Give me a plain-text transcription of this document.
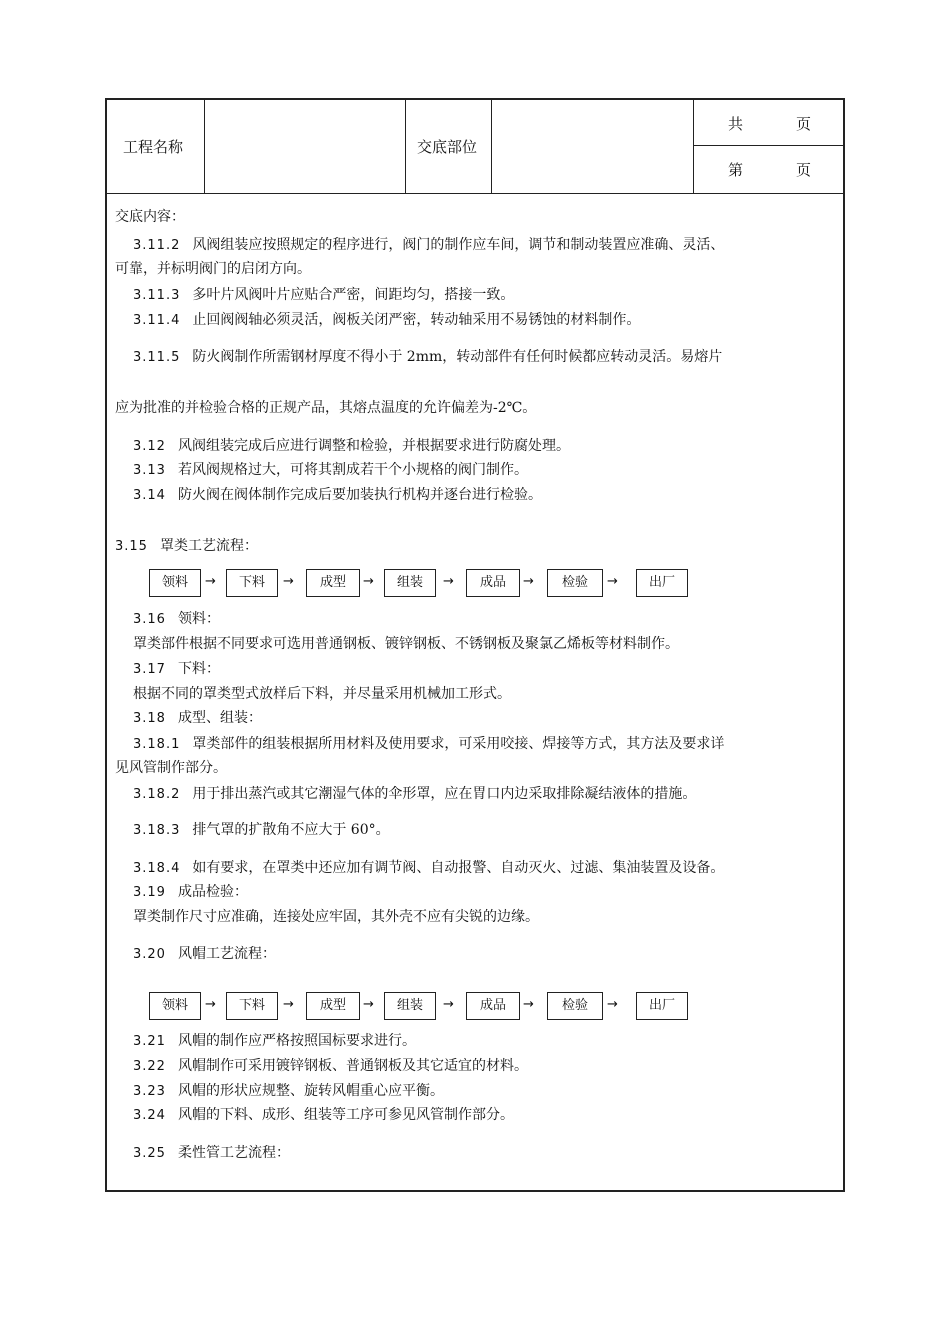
工程名称	交底部位
共	页
第	页
交底内容：
3.11.2 风阀组装应按照规定的程序进行，阀门的制作应车间，调节和制动装置应准确、灵活、
可靠，并标明阀门的启闭方向。
3.11.3 多叶片风阀叶片应贴合严密，间距均匀，搭接一致。
3.11.4 止回阀阀轴必须灵活，阀板关闭严密，转动轴采用不易锈蚀的材料制作。
3.11.5 防火阀制作所需钢材厚度不得小于 2mm，转动部件有任何时候都应转动灵活。易熔片
应为批准的并检验合格的正规产品，其熔点温度的允许偏差为-2℃。
3.12 风阀组装完成后应进行调整和检验，并根据要求进行防腐处理。
3.13 若风阀规格过大，可将其割成若干个小规格的阀门制作。
3.14 防火阀在阀体制作完成后要加装执行机构并逐台进行检验。
3.15 罩类工艺流程：
领料	→	下料	→	成型	→	组装	→	成品	→	检验	→	出厂
3.16 领料：
罩类部件根据不同要求可选用普通钢板、镀锌钢板、不锈钢板及聚氯乙烯板等材料制作。
3.17 下料：
根据不同的罩类型式放样后下料，并尽量采用机械加工形式。
3.18 成型、组装：
3.18.1 罩类部件的组装根据所用材料及使用要求，可采用咬接、焊接等方式，其方法及要求详
见风管制作部分。
3.18.2 用于排出蒸汽或其它潮湿气体的伞形罩，应在胃口内边采取排除凝结液体的措施。
3.18.3 排气罩的扩散角不应大于 60°。
3.18.4 如有要求，在罩类中还应加有调节阀、自动报警、自动灭火、过滤、集油装置及设备。
3.19 成品检验：
罩类制作尺寸应准确，连接处应牢固，其外壳不应有尖锐的边缘。
3.20 风帽工艺流程：
领料	→	下料	→	成型	→	组装	→	成品	→	检验	→	出厂
3.21 风帽的制作应严格按照国标要求进行。
3.22 风帽制作可采用镀锌钢板、普通钢板及其它适宜的材料。
3.23 风帽的形状应规整、旋转风帽重心应平衡。
3.24 风帽的下料、成形、组装等工序可参见风管制作部分。
3.25 柔性管工艺流程：
